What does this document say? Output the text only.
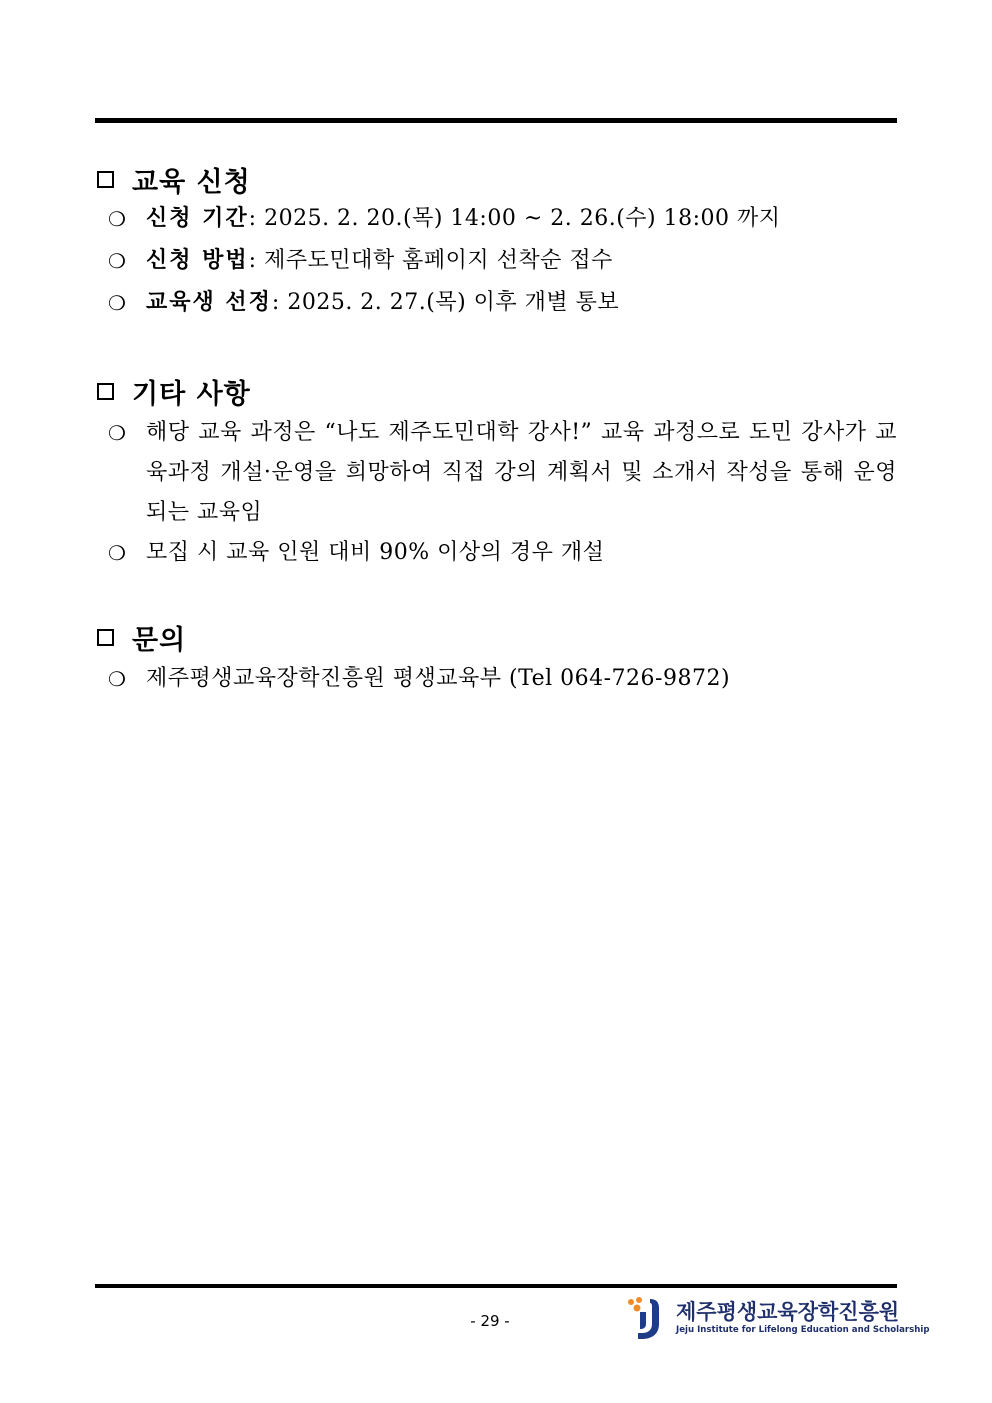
교육 신청
❍ 신청 기간: 2025. 2. 20.(목) 14:00 ~ 2. 26.(수) 18:00 까지
❍ 신청 방법: 제주도민대학 홈페이지 선착순 접수
❍ 교육생 선정: 2025. 2. 27.(목) 이후 개별 통보
기타 사항
❍ 해당 교육 과정은 “나도 제주도민대학 강사!” 교육 과정으로 도민 강사가 교육과정 개설·운영을 희망하여 직접 강의 계획서 및 소개서 작성을 통해 운영되는 교육임
❍ 모집 시 교육 인원 대비 90% 이상의 경우 개설
문의
❍ 제주평생교육장학진흥원 평생교육부 (Tel 064-726-9872)
- 29 -	제주평생교육장학진흥원
Jeju Institute for Lifelong Education and Scholarship
